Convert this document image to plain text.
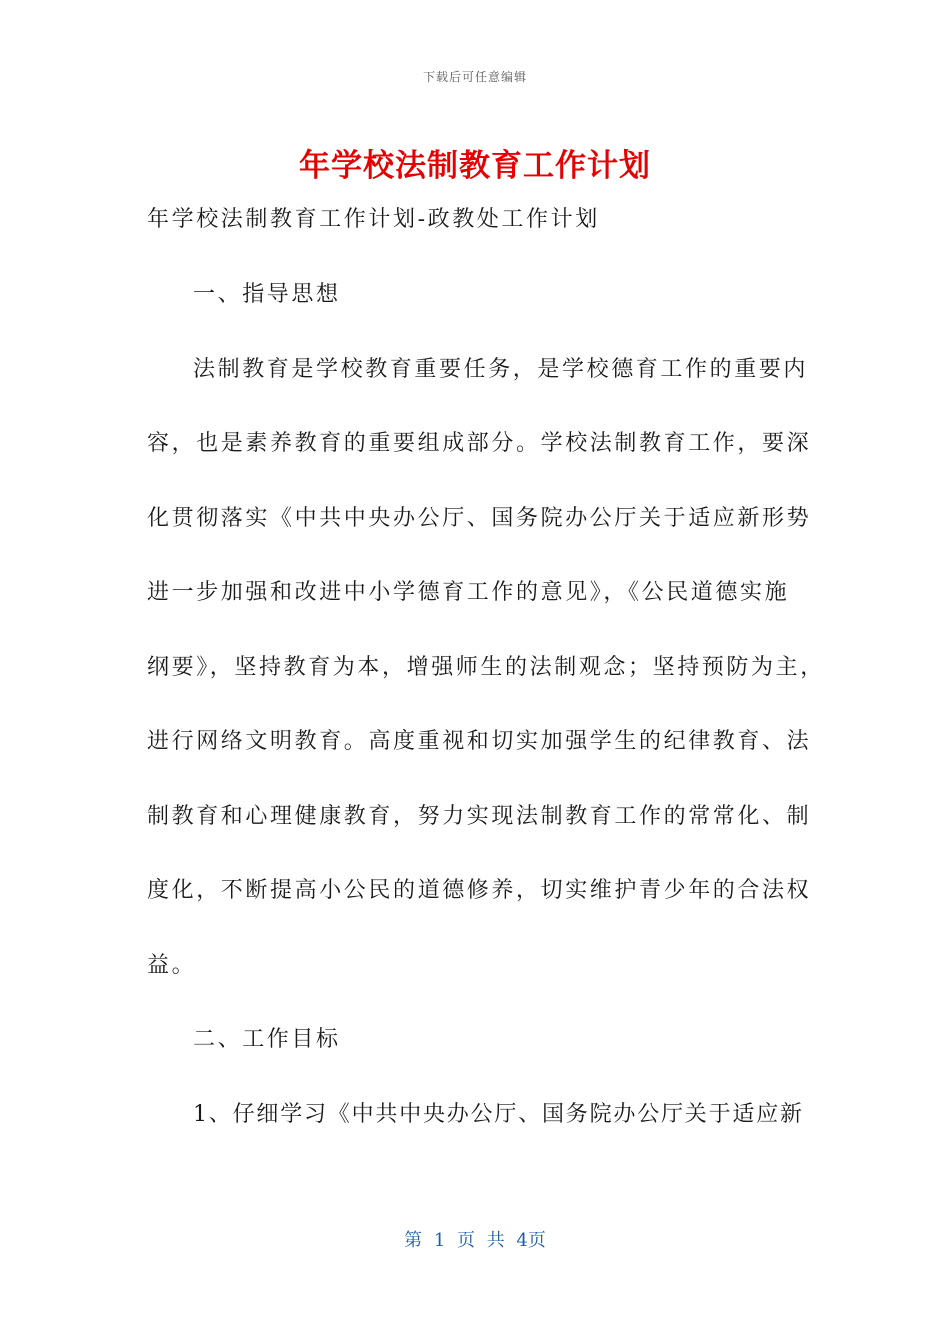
下载后可任意编辑
年学校法制教育工作计划
年学校法制教育工作计划-政教处工作计划
一、指导思想
法制教育是学校教育重要任务，是学校德育工作的重要内
容，也是素养教育的重要组成部分。学校法制教育工作，要深
化贯彻落实《中共中央办公厅、国务院办公厅关于适应新形势
进一步加强和改进中小学德育工作的意见》，《公民道德实施
纲要》，坚持教育为本，增强师生的法制观念；坚持预防为主，
进行网络文明教育。高度重视和切实加强学生的纪律教育、法
制教育和心理健康教育，努力实现法制教育工作的常常化、制
度化，不断提高小公民的道德修养，切实维护青少年的合法权
益。
二、工作目标
1、仔细学习《中共中央办公厅、国务院办公厅关于适应新
第 1 页 共 4页
